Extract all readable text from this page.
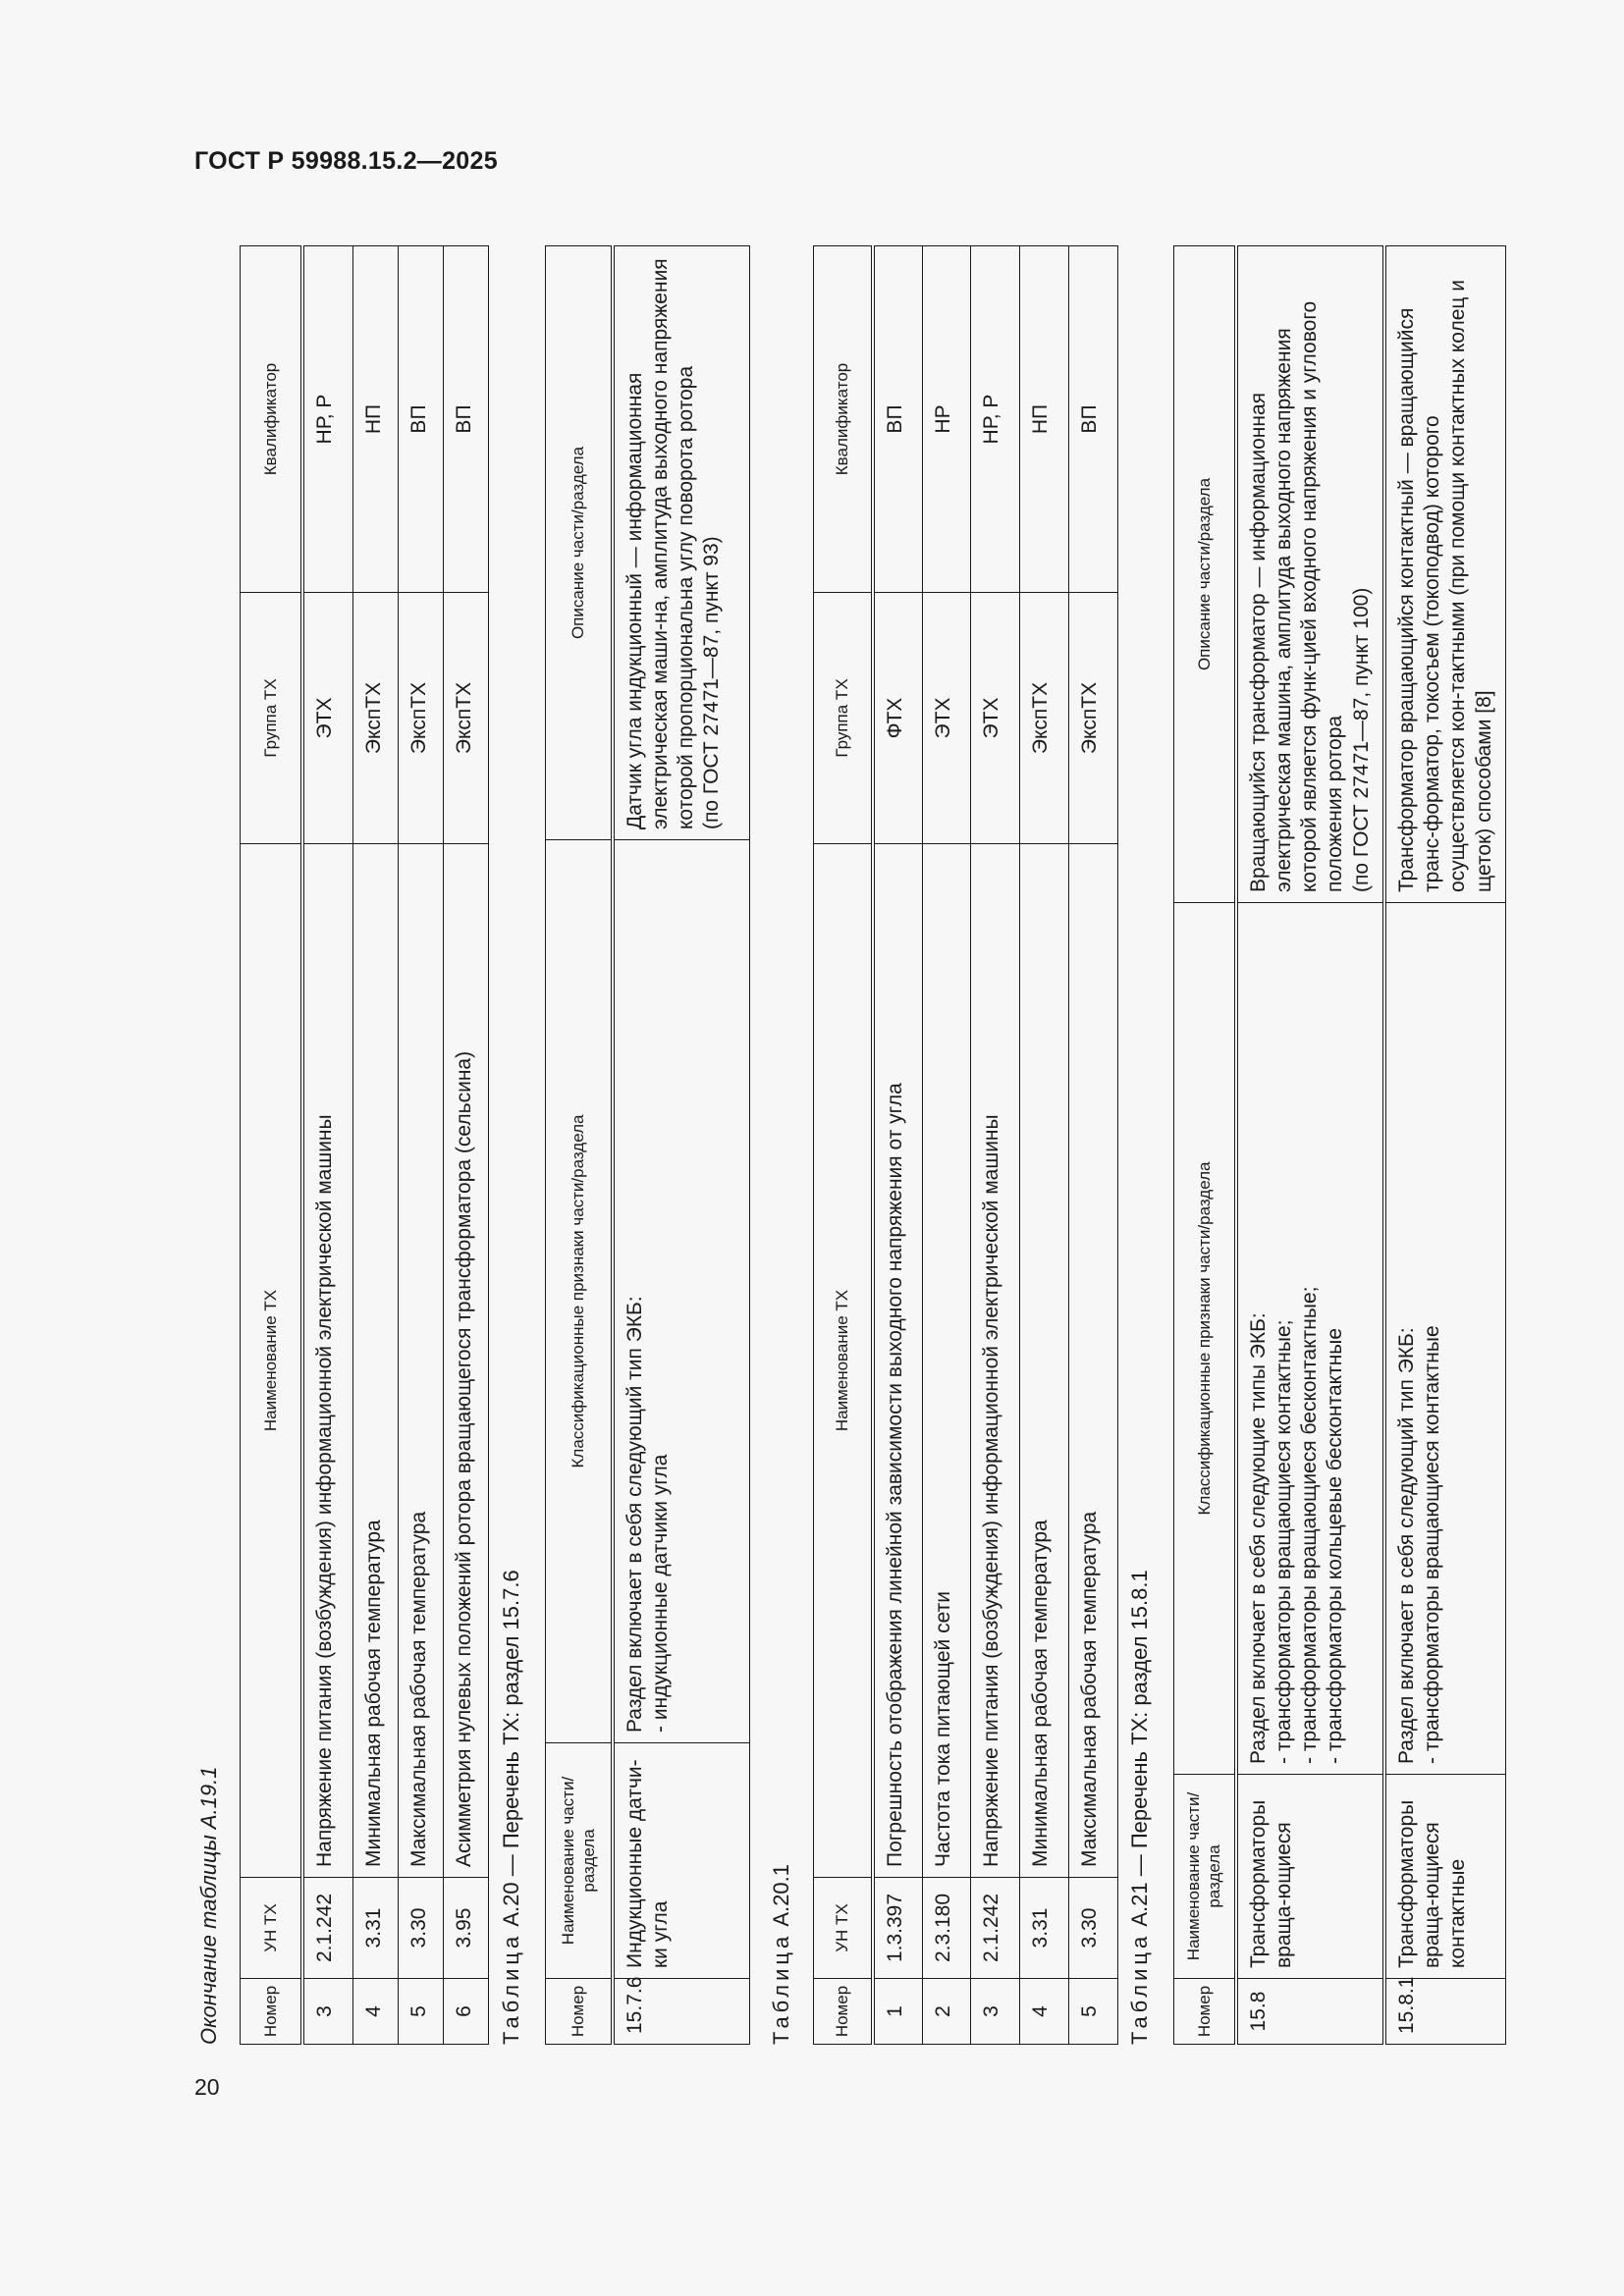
ГОСТ Р 59988.15.2—2025
20
Окончание таблицы А.19.1 Номер	УН ТХ	Наименование ТХ	Группа ТХ	Квалификатор
3	2.1.242	Напряжение питания (возбуждения) информационной электрической машины	ЭТХ	НР, Р
4	3.31	Минимальная рабочая температура	ЭкспТХ	НП
5	3.30	Максимальная рабочая температура	ЭкспТХ	ВП
6	3.95	Асимметрия нулевых положений ротора вращающегося трансформатора (сельсина)	ЭкспТХ	ВП
Таблица А.20 — Перечень ТХ: раздел 15.7.6
Номер	Наименование части/ раздела	Классификационные признаки части/раздела	Описание части/раздела
15.7.6	Индукционные датчи-ки угла	Раздел включает в себя следующий тип ЭКБ: - индукционные датчики угла	Датчик угла индукционный — информационная электрическая маши-на, амплитуда выходного напряжения которой пропорциональна углу поворота ротора (по ГОСТ 27471—87, пункт 93)
Таблица А.20.1
Номер	УН ТХ	Наименование ТХ	Группа ТХ	Квалификатор
1	1.3.397	Погрешность отображения линейной зависимости выходного напряжения от угла	ФТХ	ВП
2	2.3.180	Частота тока питающей сети	ЭТХ	НР
3	2.1.242	Напряжение питания (возбуждения) информационной электрической машины	ЭТХ	НР, Р
4	3.31	Минимальная рабочая температура	ЭкспТХ	НП
5	3.30	Максимальная рабочая температура	ЭкспТХ	ВП
Таблица А.21 — Перечень ТХ: раздел 15.8.1
Номер	Наименование части/раздела	Классификационные признаки части/раздела	Описание части/раздела
15.8	Трансформаторы враща-ющиеся	Раздел включает в себя следующие типы ЭКБ: - трансформаторы вращающиеся контактные; - трансформаторы вращающиеся бесконтактные; - трансформаторы кольцевые бесконтактные	Вращающийся трансформатор — информационная электрическая машина, амплитуда выходного напряжения которой является функ-цией входного напряжения и углового положения ротора (по ГОСТ 27471—87, пункт 100)

15.8.1	Трансформаторы враща-ющиеся контактные	Раздел включает в себя следующий тип ЭКБ: - трансформаторы вращающиеся контактные	Трансформатор вращающийся контактный — вращающийся транс-форматор, токосъем (токоподвод) которого осуществляется кон-тактными (при помощи контактных колец и щеток) способами [8]
